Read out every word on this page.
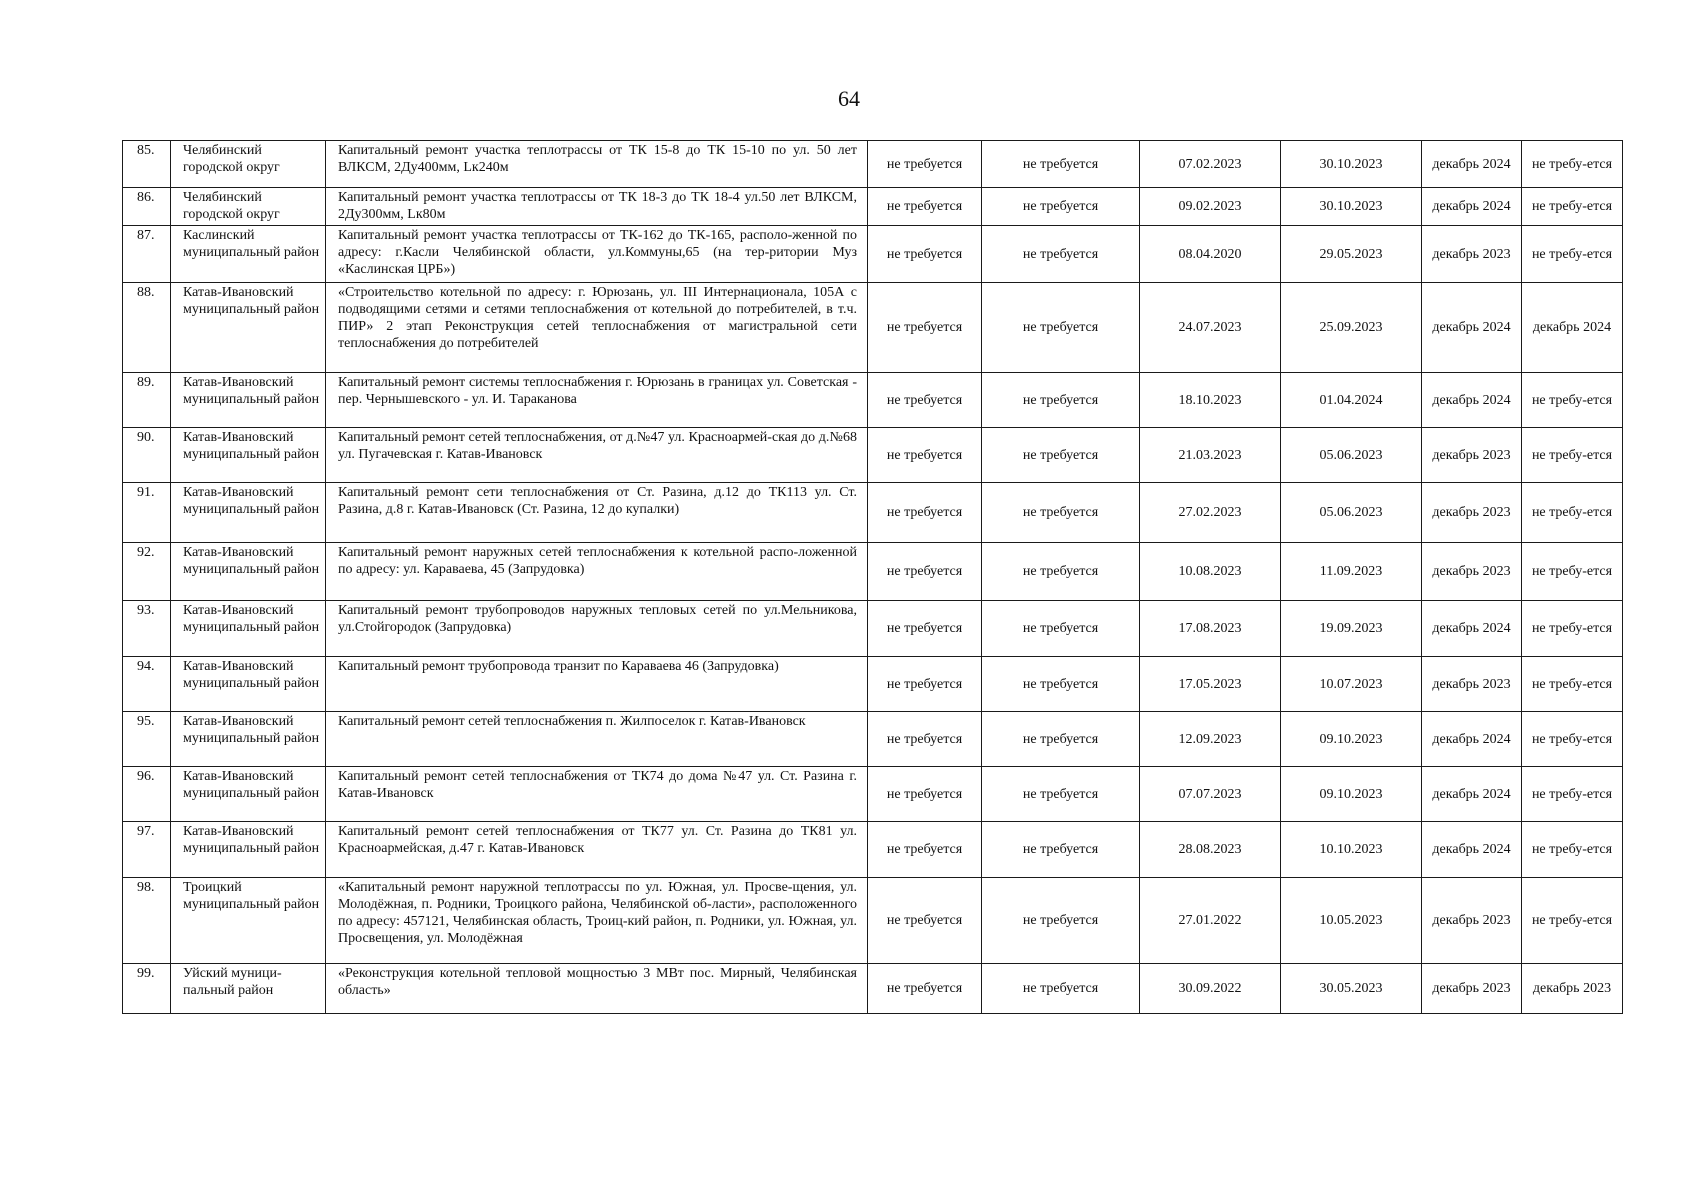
64
85.	Челябинский городской округ	Капитальный ремонт участка теплотрассы от ТК 15-8 до ТК 15-10 по ул. 50 лет ВЛКСМ, 2Ду400мм, Lк240м	не требуется	не требуется	07.02.2023	30.10.2023	декабрь 2024	не требу-ется
86.	Челябинский городской округ	Капитальный ремонт участка теплотрассы от ТК 18-3 до ТК 18-4 ул.50 лет ВЛКСМ, 2Ду300мм, Lк80м	не требуется	не требуется	09.02.2023	30.10.2023	декабрь 2024	не требу-ется
87.	Каслинский муниципальный район	Капитальный ремонт участка теплотрассы от ТК-162 до ТК-165, располо-женной по адресу: г.Касли Челябинской области, ул.Коммуны,65 (на тер-ритории Муз «Каслинская ЦРБ»)	не требуется	не требуется	08.04.2020	29.05.2023	декабрь 2023	не требу-ется
88.	Катав-Ивановский муниципальный район	«Строительство котельной по адресу: г. Юрюзань, ул. III Интернационала, 105А с подводящими сетями и сетями теплоснабжения от котельной до потребителей, в т.ч. ПИР» 2 этап Реконструкция сетей теплоснабжения от магистральной сети теплоснабжения до потребителей	не требуется	не требуется	24.07.2023	25.09.2023	декабрь 2024	декабрь 2024
89.	Катав-Ивановский муниципальный район	Капитальный ремонт системы теплоснабжения г. Юрюзань в границах ул. Советская - пер. Чернышевского - ул. И. Тараканова	не требуется	не требуется	18.10.2023	01.04.2024	декабрь 2024	не требу-ется
90.	Катав-Ивановский муниципальный район	Капитальный ремонт сетей теплоснабжения, от д.№47 ул. Красноармей-ская до д.№68 ул. Пугачевская г. Катав-Ивановск	не требуется	не требуется	21.03.2023	05.06.2023	декабрь 2023	не требу-ется
91.	Катав-Ивановский муниципальный район	Капитальный ремонт сети теплоснабжения от Ст. Разина, д.12 до ТК113 ул. Ст. Разина, д.8 г. Катав-Ивановск (Ст. Разина, 12 до купалки)	не требуется	не требуется	27.02.2023	05.06.2023	декабрь 2023	не требу-ется
92.	Катав-Ивановский муниципальный район	Капитальный ремонт наружных сетей теплоснабжения к котельной распо-ложенной по адресу: ул. Караваева, 45 (Запрудовка)	не требуется	не требуется	10.08.2023	11.09.2023	декабрь 2023	не требу-ется
93.	Катав-Ивановский муниципальный район	Капитальный ремонт трубопроводов наружных тепловых сетей по ул.Мельникова, ул.Стойгородок (Запрудовка)	не требуется	не требуется	17.08.2023	19.09.2023	декабрь 2024	не требу-ется
94.	Катав-Ивановский муниципальный район	Капитальный ремонт трубопровода транзит по Караваева 46 (Запрудовка)	не требуется	не требуется	17.05.2023	10.07.2023	декабрь 2023	не требу-ется
95.	Катав-Ивановский муниципальный район	Капитальный ремонт сетей теплоснабжения п. Жилпоселок г. Катав-Ивановск	не требуется	не требуется	12.09.2023	09.10.2023	декабрь 2024	не требу-ется
96.	Катав-Ивановский муниципальный район	Капитальный ремонт сетей теплоснабжения от ТК74 до дома №47 ул. Ст. Разина г. Катав-Ивановск	не требуется	не требуется	07.07.2023	09.10.2023	декабрь 2024	не требу-ется
97.	Катав-Ивановский муниципальный район	Капитальный ремонт сетей теплоснабжения от ТК77 ул. Ст. Разина до ТК81 ул. Красноармейская, д.47 г. Катав-Ивановск	не требуется	не требуется	28.08.2023	10.10.2023	декабрь 2024	не требу-ется
98.	Троицкий муниципальный район	«Капитальный ремонт наружной теплотрассы по ул. Южная, ул. Просве-щения, ул. Молодёжная, п. Родники, Троицкого района, Челябинской об-ласти», расположенного по адресу: 457121, Челябинская область, Троиц-кий район, п. Родники, ул. Южная, ул. Просвещения, ул. Молодёжная	не требуется	не требуется	27.01.2022	10.05.2023	декабрь 2023	не требу-ется
99.	Уйский муници-пальный район	«Реконструкция котельной тепловой мощностью 3 МВт пос. Мирный, Челябинская область»	не требуется	не требуется	30.09.2022	30.05.2023	декабрь 2023	декабрь 2023
